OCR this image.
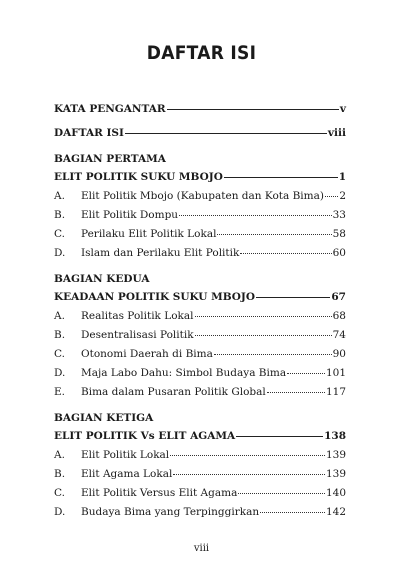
DAFTAR ISI
KATA PENGANTAR	v
DAFTAR ISI	viii
BAGIAN PERTAMA
ELIT POLITIK SUKU MBOJO	1
A.	Elit Politik Mbojo (Kabupaten dan Kota Bima) 2
B.	Elit Politik Dompu	33
C.	Perilaku Elit Politik Lokal	58
D.	Islam dan Perilaku Elit Politik	60
BAGIAN KEDUA
KEADAAN POLITIK SUKU MBOJO	67
A.	Realitas Politik Lokal	68
B.	Desentralisasi Politik	74
C.	Otonomi Daerah di Bima	90
D.	Maja Labo Dahu: Simbol Budaya Bima	101
E.	Bima dalam Pusaran Politik Global	117
BAGIAN KETIGA
ELIT POLITIK Vs ELIT AGAMA	138
A.	Elit Politik Lokal	139
B.	Elit Agama Lokal	139
C.	Elit Politik Versus Elit Agama	140
D.	Budaya Bima yang Terpinggirkan	142
viii
